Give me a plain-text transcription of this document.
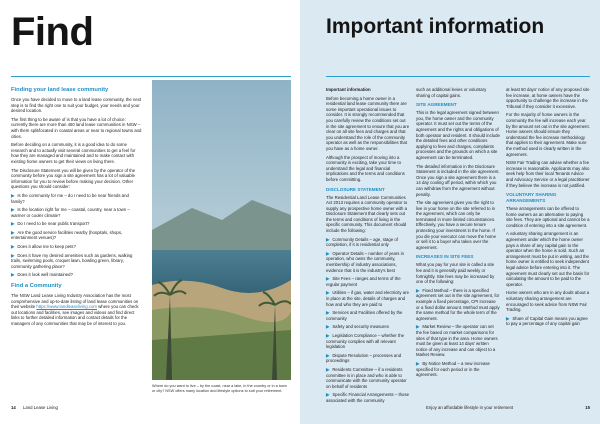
Find
Finding your land lease community

Once you have decided to move to a land lease community, the next step is to find the right one to suit your budget, your needs and your desired location.

The first thing to be aware of is that you have a lot of choice: currently there are more than 460 land lease communities in NSW – with them split/located in coastal areas or near to regional towns and cities.

Before deciding on a community, it is a good idea to do some research and to actually visit several communities to get a feel for how they are managed and maintained and to make contact with existing home owners to get their views on living there.

The Disclosure Statement you will be given by the operator of the community before you sign a site agreement has a lot of valuable information for you to review before making your decision. Other questions you should consider:

▶ Is the community for me – do I need to be near friends and family?
▶ Is the location right for me – coastal, country, near a town – warmer or cooler climate?
▶ Do I need to be near public transport?
▶ Are the good service facilities nearby (hospitals, shops, entertainment venues)?
▶ Does it allow me to keep pets?
▶ Does it have my desired amenities such as gardens, walking trails, swimming pools, croquet lawn, bowling green, library, community gathering place?
▶ Does it look well maintained?
Find a Community

The NSW Land Lease Living Industry Association has the most comprehensive and up-to-date listing of land lease communities on their website https://www.landleaseliving.com where you can check out locations and facilities, see images and videos and find direct links to further detailed information and contact details for the managers of any communities that may be of interest to you.

Where do you want to live – by the coast, near a lake, in the country or in a town or city? NSW offers many location and lifestyle options to suit your retirement.
14 Land Lease Living
Important information

Important information

Before becoming a home owner in a residential land lease community there are some important operational issues to consider. It is strongly recommended that you carefully review the conditions set out in the site agreement to ensure that you are clear on all site fees and charges and that you understand the role of the community operator as well as the responsibilities that you have as a home owner.

Although the prospect of moving into a community is exciting, take your time to understand the legal and financial implications and the terms and conditions before committing.

DISCLOSURE STATEMENT

The Residential Land Lease Communities Act 2013 requires a community operator to supply any prospective home owner with a Disclosure Statement that clearly sets out the terms and conditions of living in the specific community. This document should include the following:

▶ Community Details – age, stage of completion, if it is residential only
▶ Operator Details – number of years in operation, who owns the community, membership of industry associations, evidence that it is the industry's best
▶ Site Fees – ranges and terms of the regular payment
▶ Utilities – if gas, water and electricity are in place at the site, details of charges and how and who they are paid to
▶ Services and Facilities offered by the community
▶ Safety and security measures
▶ Legislation Compliance – whether the community complies with all relevant legislation
▶ Dispute Resolution – processes and proceedings
▶ Residents Committee – if a residents committee is in place and who is able to communicate with the community operator on behalf of residents
▶ Specific Financial Arrangements – those associated with the community

such as additional levies or voluntary sharing of capital gains.

SITE AGREEMENT

This is the legal agreement signed between you, the home owner and the community operator. It must set out the terms of the agreement and the rights and obligations of both operator and resident. It should include the detailed fees and other conditions applying to fees and charges, complaints processes and the grounds on which a site agreement can be terminated.

The detailed information in the Disclosure Statement is included in the site agreement. Once you sign a site agreement there is a 14 day cooling off period, within which you can withdraw from the agreement without penalty.

The site agreement gives you the right to live in your home on the site referred to in the agreement, which can only be terminated in more limited circumstances. Effectively, you have a secure tenure protecting your investment in the home. If you die your executor can move the home or sell it to a buyer who takes over the agreement.

INCREASES IN SITE FEES

What you pay for your site is called a site fee and it is generally paid weekly or fortnightly. Site fees may be increased by one of the following:

▶ Fixed Method – there is a specified agreement set out in the site agreement, for example a fixed percentage, CPI increase or a fixed dollar amount. Method must apply the same method for the whole term of the agreement.
▶ Market Review – the operator can set the fee based on market comparisons for sites of that type in the area. Home owners must be given at least 14 days' written notice of any increase and can object to a Market Review.
▶ By Notice Method – a new increase specified for each period or in the agreement.

at least 60 days' notice of any proposed site fee increase, at home owners have the opportunity to challenge the increase in the Tribunal if they consider it excessive.

For the majority of home owners in the community the fee will increase each year by the amount set out in the site agreement. Home owners should ensure they understand the fee increase methodology that applies to their agreement. Make sure the method used is clearly written in the agreement.

NSW Fair Trading can advise whether a fee increase is reasonable. Applicants may also seek help from their local Tenants Advice and Advocacy Service or a legal practitioner if they believe the increase is not justified.

VOLUNTARY SHARING ARRANGEMENTS

These arrangements can be offered to home owners as an alternative to paying site fees. They are optional and cannot be a condition of entering into a site agreement.

A voluntary sharing arrangement is an agreement under which the home owner pays a share of any capital gain to the operator when the home is sold. Such an arrangement must be put in writing, and the home owner is entitled to seek independent legal advice before entering into it. The agreement must clearly set out the basis for calculating the amount to be paid to the operator.

Home owners who are in any doubt about a voluntary sharing arrangement are encouraged to seek advice from NSW Fair Trading.

▶ Share of Capital Gain means you agree to pay a percentage of any capital gain
Enjoy an affordable lifestyle in your retirement	15
